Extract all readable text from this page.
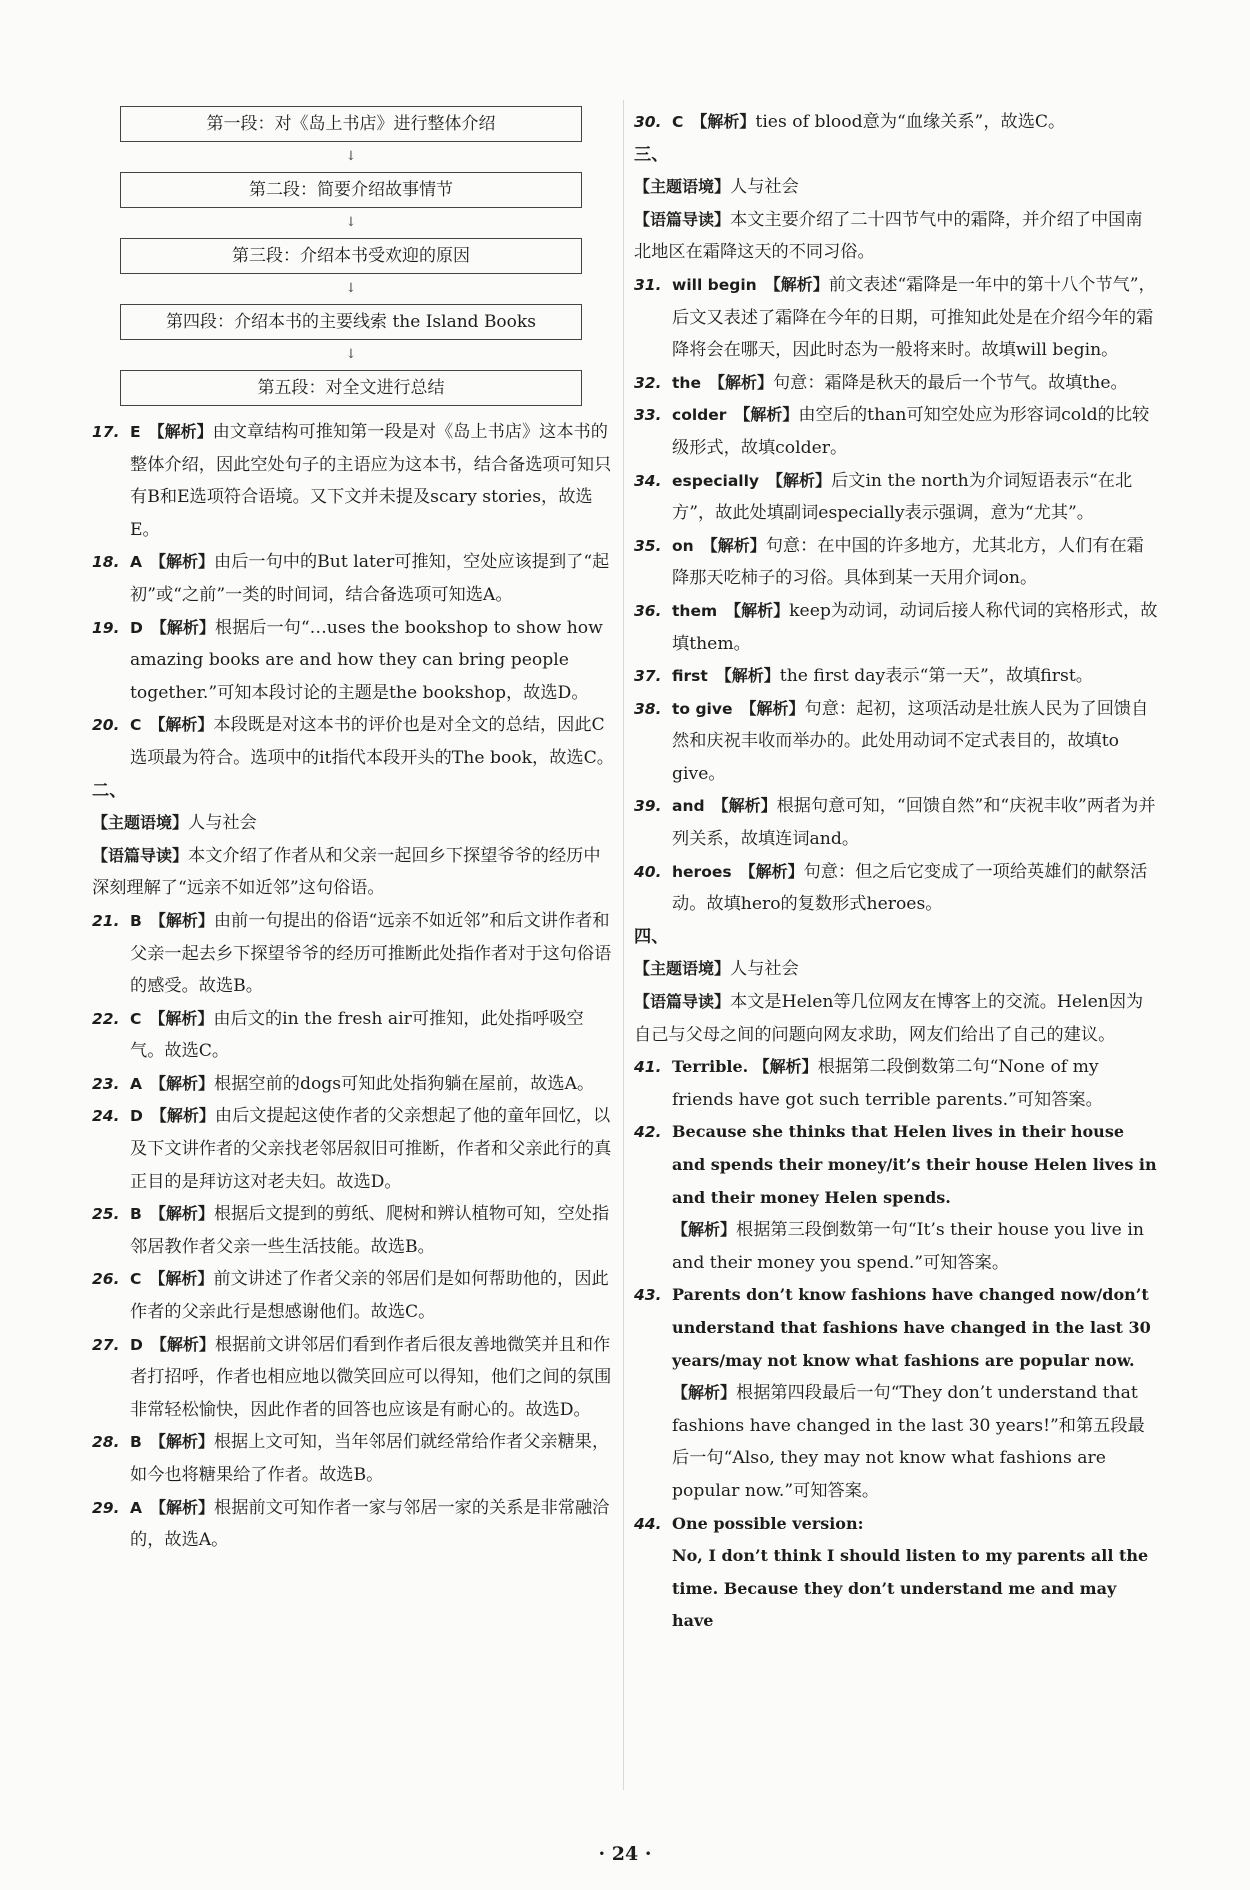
第一段：对《岛上书店》进行整体介绍
↓
第二段：简要介绍故事情节
↓
第三段：介绍本书受欢迎的原因
↓
第四段：介绍本书的主要线索 the Island Books
↓
第五段：对全文进行总结
17. E 【解析】由文章结构可推知第一段是对《岛上书店》这本书的整体介绍，因此空处句子的主语应为这本书，结合备选项可知只有B和E选项符合语境。又下文并未提及scary stories，故选E。
18. A 【解析】由后一句中的But later可推知，空处应该提到了“起初”或“之前”一类的时间词，结合备选项可知选A。
19. D 【解析】根据后一句“…uses the bookshop to show how amazing books are and how they can bring people together.”可知本段讨论的主题是the bookshop，故选D。
20. C 【解析】本段既是对这本书的评价也是对全文的总结，因此C选项最为符合。选项中的it指代本段开头的The book，故选C。
二、
【主题语境】人与社会
【语篇导读】本文介绍了作者从和父亲一起回乡下探望爷爷的经历中深刻理解了“远亲不如近邻”这句俗语。
21. B 【解析】由前一句提出的俗语“远亲不如近邻”和后文讲作者和父亲一起去乡下探望爷爷的经历可推断此处指作者对于这句俗语的感受。故选B。
22. C 【解析】由后文的in the fresh air可推知，此处指呼吸空气。故选C。
23. A 【解析】根据空前的dogs可知此处指狗躺在屋前，故选A。
24. D 【解析】由后文提起这使作者的父亲想起了他的童年回忆，以及下文讲作者的父亲找老邻居叙旧可推断，作者和父亲此行的真正目的是拜访这对老夫妇。故选D。
25. B 【解析】根据后文提到的剪纸、爬树和辨认植物可知，空处指邻居教作者父亲一些生活技能。故选B。
26. C 【解析】前文讲述了作者父亲的邻居们是如何帮助他的，因此作者的父亲此行是想感谢他们。故选C。
27. D 【解析】根据前文讲邻居们看到作者后很友善地微笑并且和作者打招呼，作者也相应地以微笑回应可以得知，他们之间的氛围非常轻松愉快，因此作者的回答也应该是有耐心的。故选D。
28. B 【解析】根据上文可知，当年邻居们就经常给作者父亲糖果，如今也将糖果给了作者。故选B。
29. A 【解析】根据前文可知作者一家与邻居一家的关系是非常融洽的，故选A。
30. C 【解析】ties of blood意为“血缘关系”，故选C。
三、
【主题语境】人与社会
【语篇导读】本文主要介绍了二十四节气中的霜降，并介绍了中国南北地区在霜降这天的不同习俗。
31. will begin 【解析】前文表述“霜降是一年中的第十八个节气”，后文又表述了霜降在今年的日期，可推知此处是在介绍今年的霜降将会在哪天，因此时态为一般将来时。故填will begin。
32. the 【解析】句意：霜降是秋天的最后一个节气。故填the。
33. colder 【解析】由空后的than可知空处应为形容词cold的比较级形式，故填colder。
34. especially 【解析】后文in the north为介词短语表示“在北方”，故此处填副词especially表示强调，意为“尤其”。
35. on 【解析】句意：在中国的许多地方，尤其北方，人们有在霜降那天吃柿子的习俗。具体到某一天用介词on。
36. them 【解析】keep为动词，动词后接人称代词的宾格形式，故填them。
37. first 【解析】the first day表示“第一天”，故填first。
38. to give 【解析】句意：起初，这项活动是壮族人民为了回馈自然和庆祝丰收而举办的。此处用动词不定式表目的，故填to give。
39. and 【解析】根据句意可知，“回馈自然”和“庆祝丰收”两者为并列关系，故填连词and。
40. heroes 【解析】句意：但之后它变成了一项给英雄们的献祭活动。故填hero的复数形式heroes。
四、
【主题语境】人与社会
【语篇导读】本文是Helen等几位网友在博客上的交流。Helen因为自己与父母之间的问题向网友求助，网友们给出了自己的建议。
41. Terrible. 【解析】根据第二段倒数第二句“None of my friends have got such terrible parents.”可知答案。
42. Because she thinks that Helen lives in their house and spends their money/it’s their house Helen lives in and their money Helen spends.
【解析】根据第三段倒数第一句“It’s their house you live in and their money you spend.”可知答案。
43. Parents don’t know fashions have changed now/don’t understand that fashions have changed in the last 30 years/may not know what fashions are popular now.
【解析】根据第四段最后一句“They don’t understand that fashions have changed in the last 30 years!”和第五段最后一句“Also, they may not know what fashions are popular now.”可知答案。
44. One possible version:
No, I don’t think I should listen to my parents all the time. Because they don’t understand me and may have
· 24 ·
